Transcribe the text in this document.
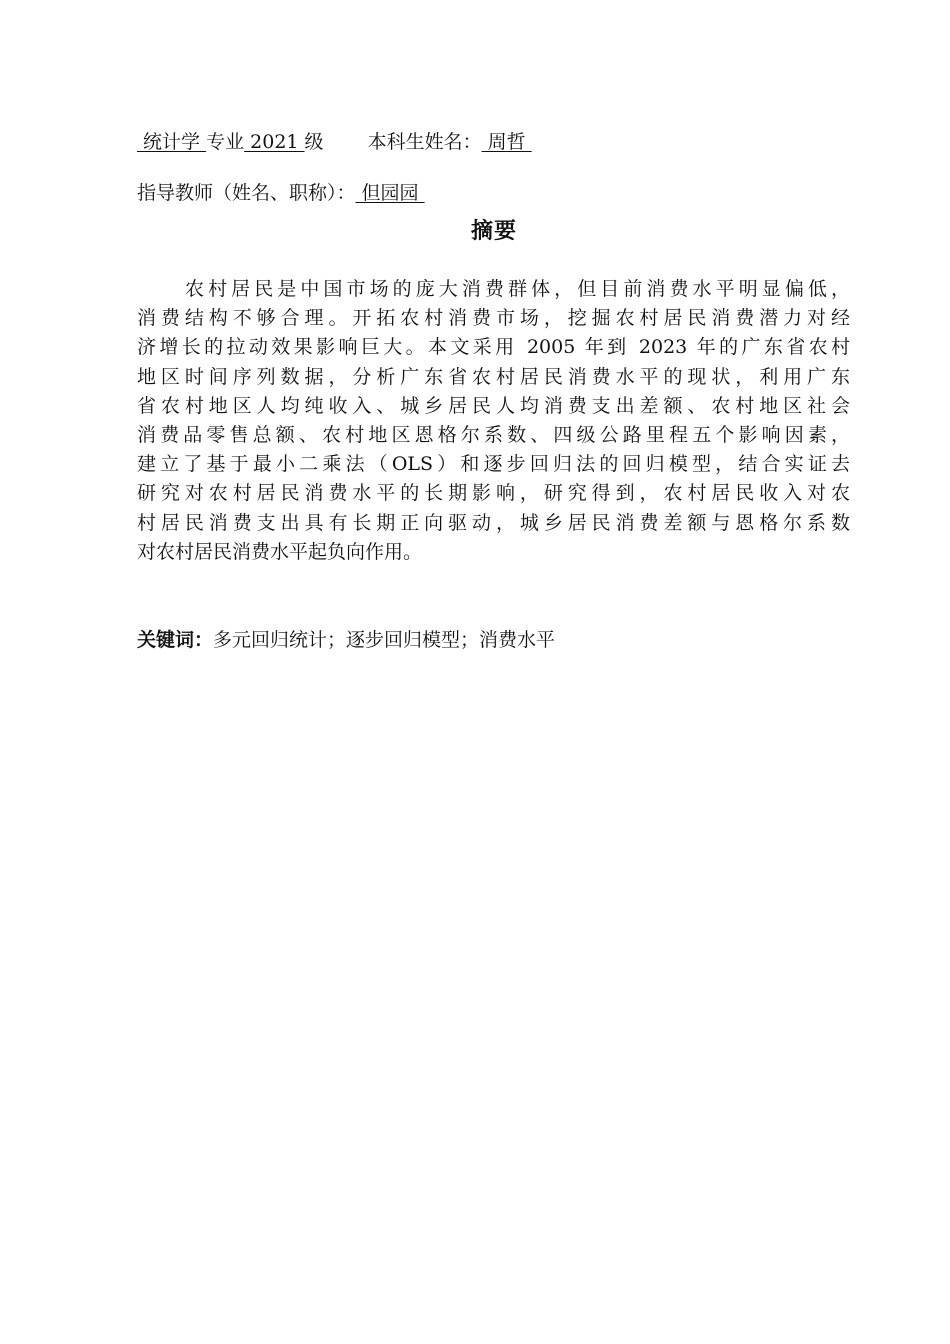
统计学 专业 2021 级 本科生姓名： 周哲
指导教师（姓名、职称）： 但园园
摘要
农村居民是中国市场的庞大消费群体，但目前消费水平明显偏低，
消费结构不够合理。开拓农村消费市场，挖掘农村居民消费潜力对经
济增长的拉动效果影响巨大。本文采用 2005 年到 2023 年的广东省农村
地区时间序列数据，分析广东省农村居民消费水平的现状，利用广东
省农村地区人均纯收入、城乡居民人均消费支出差额、农村地区社会
消费品零售总额、农村地区恩格尔系数、四级公路里程五个影响因素，
建立了基于最小二乘法（OLS）和逐步回归法的回归模型，结合实证去
研究对农村居民消费水平的长期影响，研究得到，农村居民收入对农
村居民消费支出具有长期正向驱动，城乡居民消费差额与恩格尔系数
对农村居民消费水平起负向作用。
关键词：多元回归统计；逐步回归模型；消费水平
